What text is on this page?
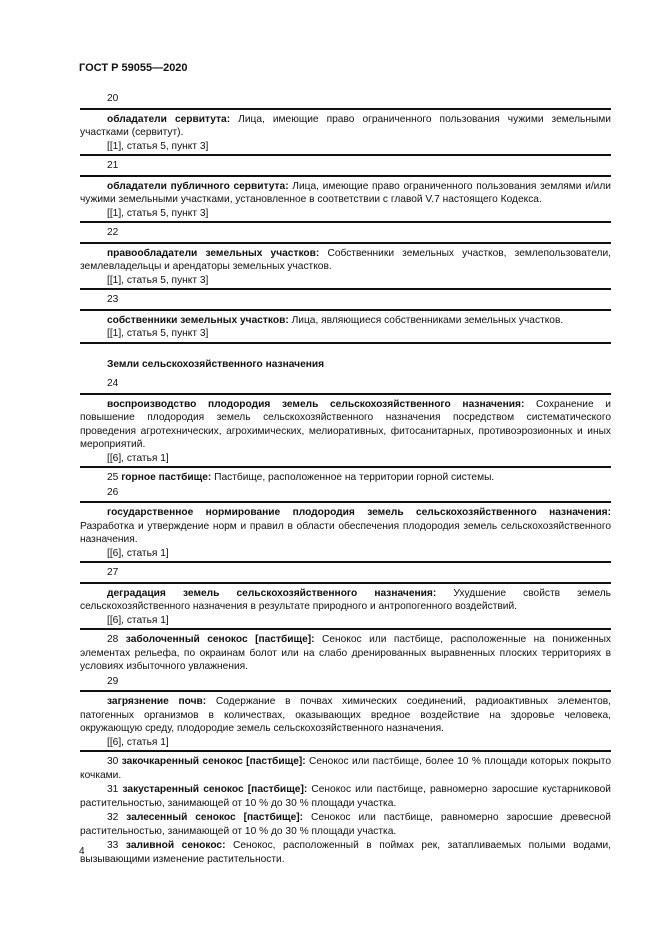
ГОСТ Р 59055—2020
20
обладатели сервитута: Лица, имеющие право ограниченного пользования чужими земельными участками (сервитут).
[[1], статья 5, пункт 3]
21
обладатели публичного сервитута: Лица, имеющие право ограниченного пользования землями и/или чужими земельными участками, установленное в соответствии с главой V.7 настоящего Кодекса.
[[1], статья 5, пункт 3]
22
правообладатели земельных участков: Собственники земельных участков, землепользователи, землевладельцы и арендаторы земельных участков.
[[1], статья 5, пункт 3]
23
собственники земельных участков: Лица, являющиеся собственниками земельных участков.
[[1], статья 5, пункт 3]
Земли сельскохозяйственного назначения
24
воспроизводство плодородия земель сельскохозяйственного назначения: Сохранение и повышение плодородия земель сельскохозяйственного назначения посредством систематического проведения агротехнических, агрохимических, мелиоративных, фитосанитарных, противоэрозионных и иных мероприятий.
[[6], статья 1]
25 горное пастбище: Пастбище, расположенное на территории горной системы.
26
государственное нормирование плодородия земель сельскохозяйственного назначения: Разработка и утверждение норм и правил в области обеспечения плодородия земель сельскохозяйственного назначения.
[[6], статья 1]
27
деградация земель сельскохозяйственного назначения: Ухудшение свойств земель сельскохозяйственного назначения в результате природного и антропогенного воздействий.
[[6], статья 1]
28 заболоченный сенокос [пастбище]: Сенокос или пастбище, расположенные на пониженных элементах рельефа, по окраинам болот или на слабо дренированных выравненных плоских территориях в условиях избыточного увлажнения.
29
загрязнение почв: Содержание в почвах химических соединений, радиоактивных элементов, патогенных организмов в количествах, оказывающих вредное воздействие на здоровье человека, окружающую среду, плодородие земель сельскохозяйственного назначения.
[[6], статья 1]
30 закочкаренный сенокос [пастбище]: Сенокос или пастбище, более 10 % площади которых покрыто кочками.
31 закустаренный сенокос [пастбище]: Сенокос или пастбище, равномерно заросшие кустарниковой растительностью, занимающей от 10 % до 30 % площади участка.
32 залесенный сенокос [пастбище]: Сенокос или пастбище, равномерно заросшие древесной растительностью, занимающей от 10 % до 30 % площади участка.
33 заливной сенокос: Сенокос, расположенный в поймах рек, затапливаемых полыми водами, вызывающими изменение растительности.
4
